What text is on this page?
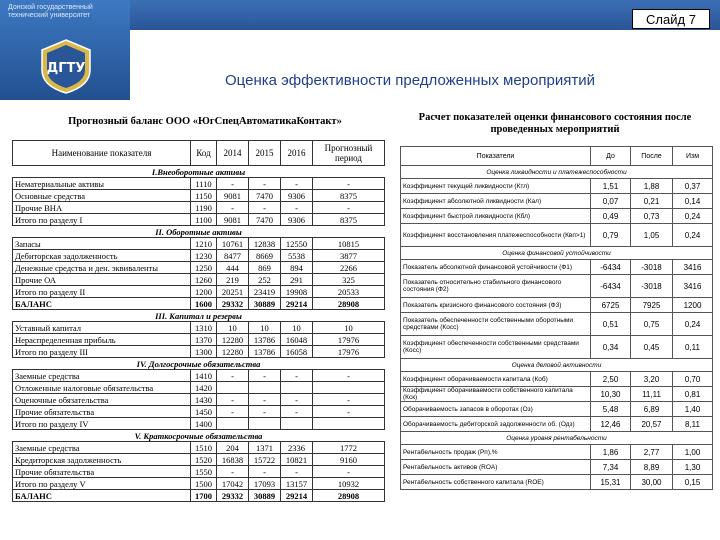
Донской государственный технический университет
ДГТУ
Слайд 7
Оценка эффективности предложенных мероприятий
Прогнозный баланс ООО «ЮгСпецАвтоматикаКонтакт»
Наименование показателя	Код	2014	2015	2016	Прогнозный период
I.Внеоборотные активы					
Нематериальные активы	1110	-	-	-	-
Основные средства	1150	9081	7470	9306	8375
Прочие ВНА	1190	-	-	-	-
Итого по разделу I	1100	9081	7470	9306	8375
II. Оборотные активы					
Запасы	1210	10761	12838	12550	10815
Дебиторская задолженность	1230	8477	8669	5538	3877
Денежные средства и ден. эквиваленты	1250	444	869	894	2266
Прочие ОА	1260	219	252	291	325
Итого по разделу II	1200	20251	23419	19908	20533
БАЛАНС	1600	29332	30889	29214	28908
III. Капитал и резервы					
Уставный капитал	1310	10	10	10	10
Нераспределенная прибыль	1370	12280	13786	16048	17976
Итого по разделу III	1300	12280	13786	16058	17976
IV. Долгосрочные обязательства					
Заемные средства	1410	-	-	-	-
Отложенные налоговые обязательства	1420				
Оценочные обязательства	1430	-	-	-	-
Прочие обязательства	1450	-	-	-	-
Итого по разделу IV	1400				
V. Краткосрочные обязательства					
Заемные средства	1510	204	1371	2336	1772
Кредиторская задолженность	1520	16838	15722	10821	9160
Прочие обязательства	1550	-	-	-	-
Итого по разделу V	1500	17042	17093	13157	10932
БАЛАНС	1700	29332	30889	29214	28908
Расчет показателей оценки финансового состояния после проведенных мероприятий
Показатели	До	После	Изм
Оценка ликвидности и платежеспособности			
Коэффициент текущей ликвидности (Ктл)	1,51	1,88	0,37
Коэффициент абсолютной ликвидности (Кал)	0,07	0,21	0,14
Коэффициент быстрой ликвидности (Кбл)	0,49	0,73	0,24
Коэффициент восстановления платежеспособности (Квп>1)	0,79	1,05	0,24
Оценка финансовой устойчивости			
Показатель абсолютной финансовой устойчивости (Ф1)	-6434	-3018	3416
Показатель относительно стабильного финансового состояния (Ф2)	-6434	-3018	3416
Показатель кризисного финансового состояния (Ф3)	6725	7925	1200
Показатель обеспеченности собственными оборотными средствами (Косс)	0,51	0,75	0,24
Коэффициент обеспеченности собственными средствами (Косс)	0,34	0,45	0,11
Оценка деловой активности			
Коэффициент оборачиваемости капитала (Коб)	2,50	3,20	0,70
Коэффициент оборачиваемости собственного капитала (Кск)	10,30	11,11	0,81
Оборачиваемость запасов в оборотах (Оз)	5,48	6,89	1,40
Оборачиваемость дебиторской задолженности об. (Одз)	12,46	20,57	8,11
Оценка уровня рентабельности			
Рентабельность продаж (Рп),%	1,86	2,77	1,00
Рентабельность активов (ROA)	7,34	8,89	1,30
Рентабельность собственного капитала (ROE)	15,31	30,00	0,15
